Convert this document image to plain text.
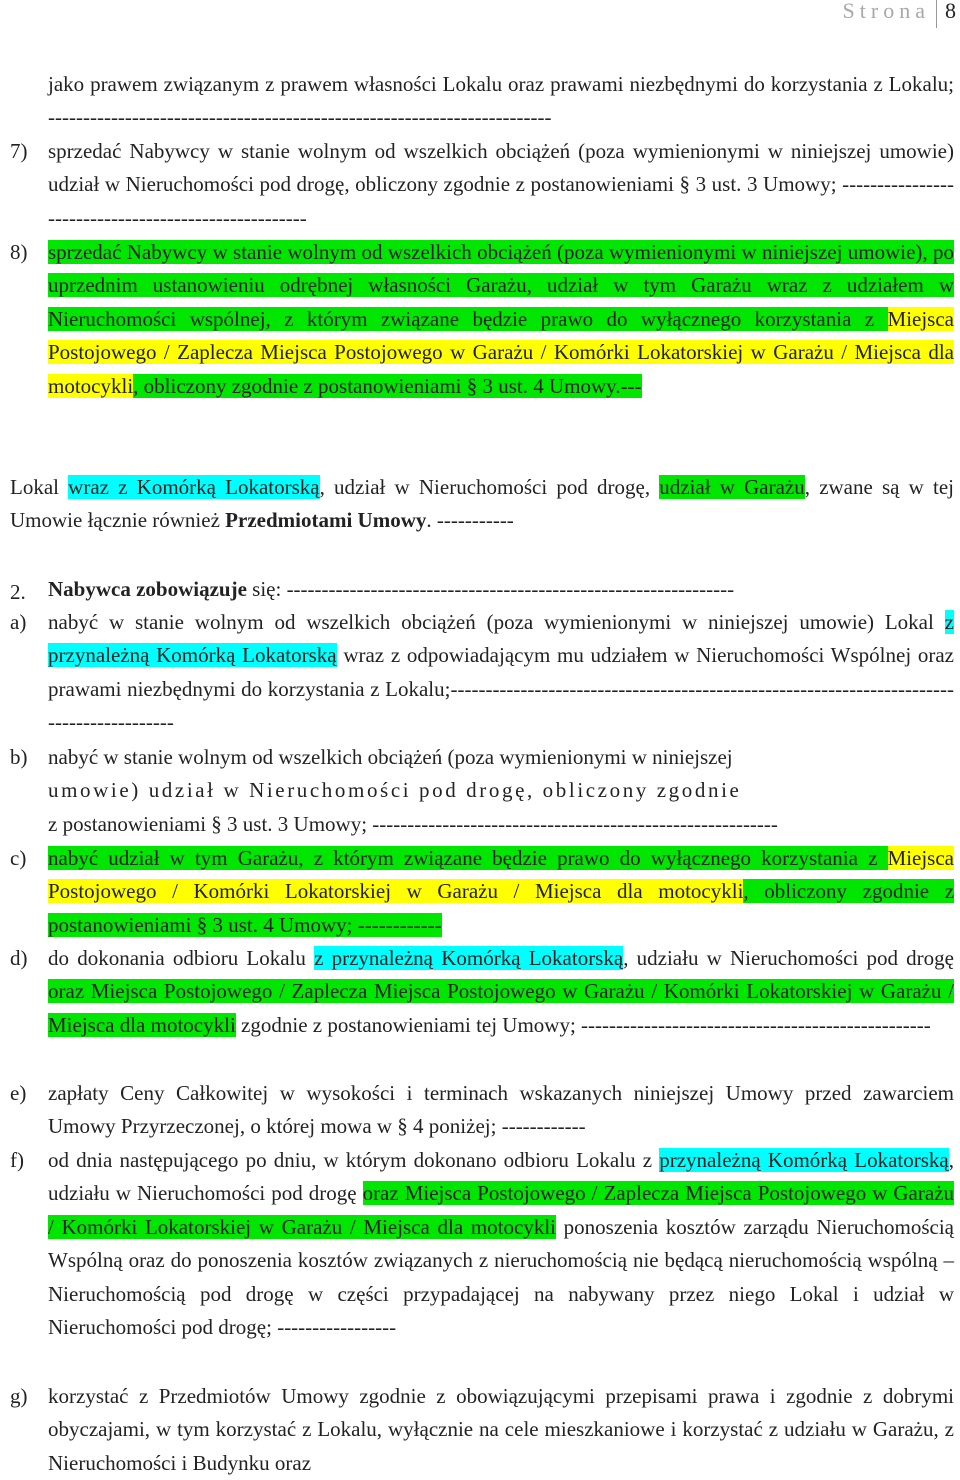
Strona 8
jako prawem związanym z prawem własności Lokalu oraz prawami niezbędnymi do korzystania z Lokalu; ------------------------------------------------------------------------
7) sprzedać Nabywcy w stanie wolnym od wszelkich obciążeń (poza wymienionymi w niniejszej umowie) udział w Nieruchomości pod drogę, obliczony zgodnie z postanowieniami § 3 ust. 3 Umowy; -----------------------------------------------------
8) sprzedać Nabywcy w stanie wolnym od wszelkich obciążeń (poza wymienionymi w niniejszej umowie), po uprzednim ustanowieniu odrębnej własności Garażu, udział w tym Garażu wraz z udziałem w Nieruchomości wspólnej, z którym związane będzie prawo do wyłącznego korzystania z Miejsca Postojowego / Zaplecza Miejsca Postojowego w Garażu / Komórki Lokatorskiej w Garażu / Miejsca dla motocykli, obliczony zgodnie z postanowieniami § 3 ust. 4 Umowy.---
Lokal wraz z Komórką Lokatorską, udział w Nieruchomości pod drogę, udział w Garażu, zwane są w tej Umowie łącznie również Przedmiotami Umowy. -----------
2. Nabywca zobowiązuje się: ----------------------------------------------------------------
a) nabyć w stanie wolnym od wszelkich obciążeń (poza wymienionymi w niniejszej umowie) Lokal z przynależną Komórką Lokatorską wraz z odpowiadającym mu udziałem w Nieruchomości Wspólnej oraz prawami niezbędnymi do korzystania z Lokalu;------------------------------------------------------------------------------------------
b) nabyć w stanie wolnym od wszelkich obciążeń (poza wymienionymi w niniejszej
umowie) udział w Nieruchomości pod drogę, obliczony zgodnie
z postanowieniami § 3 ust. 3 Umowy; ----------------------------------------------------------
c) nabyć udział w tym Garażu, z którym związane będzie prawo do wyłącznego korzystania z Miejsca Postojowego / Komórki Lokatorskiej w Garażu / Miejsca dla motocykli, obliczony zgodnie z postanowieniami § 3 ust. 4 Umowy; ------------
d) do dokonania odbioru Lokalu z przynależną Komórką Lokatorską, udziału w Nieruchomości pod drogę oraz Miejsca Postojowego / Zaplecza Miejsca Postojowego w Garażu / Komórki Lokatorskiej w Garażu / Miejsca dla motocykli zgodnie z postanowieniami tej Umowy; --------------------------------------------------
e) zapłaty Ceny Całkowitej w wysokości i terminach wskazanych niniejszej Umowy przed zawarciem Umowy Przyrzeczonej, o której mowa w § 4 poniżej; ------------
f) od dnia następującego po dniu, w którym dokonano odbioru Lokalu z przynależną Komórką Lokatorską, udziału w Nieruchomości pod drogę oraz Miejsca Postojowego / Zaplecza Miejsca Postojowego w Garażu / Komórki Lokatorskiej w Garażu / Miejsca dla motocykli ponoszenia kosztów zarządu Nieruchomością Wspólną oraz do ponoszenia kosztów związanych z nieruchomością nie będącą nieruchomością wspólną – Nieruchomością pod drogę w części przypadającej na nabywany przez niego Lokal i udział w Nieruchomości pod drogę; -----------------
g) korzystać z Przedmiotów Umowy zgodnie z obowiązującymi przepisami prawa i zgodnie z dobrymi obyczajami, w tym korzystać z Lokalu, wyłącznie na cele mieszkaniowe i korzystać z udziału w Garażu, z Nieruchomości i Budynku oraz
